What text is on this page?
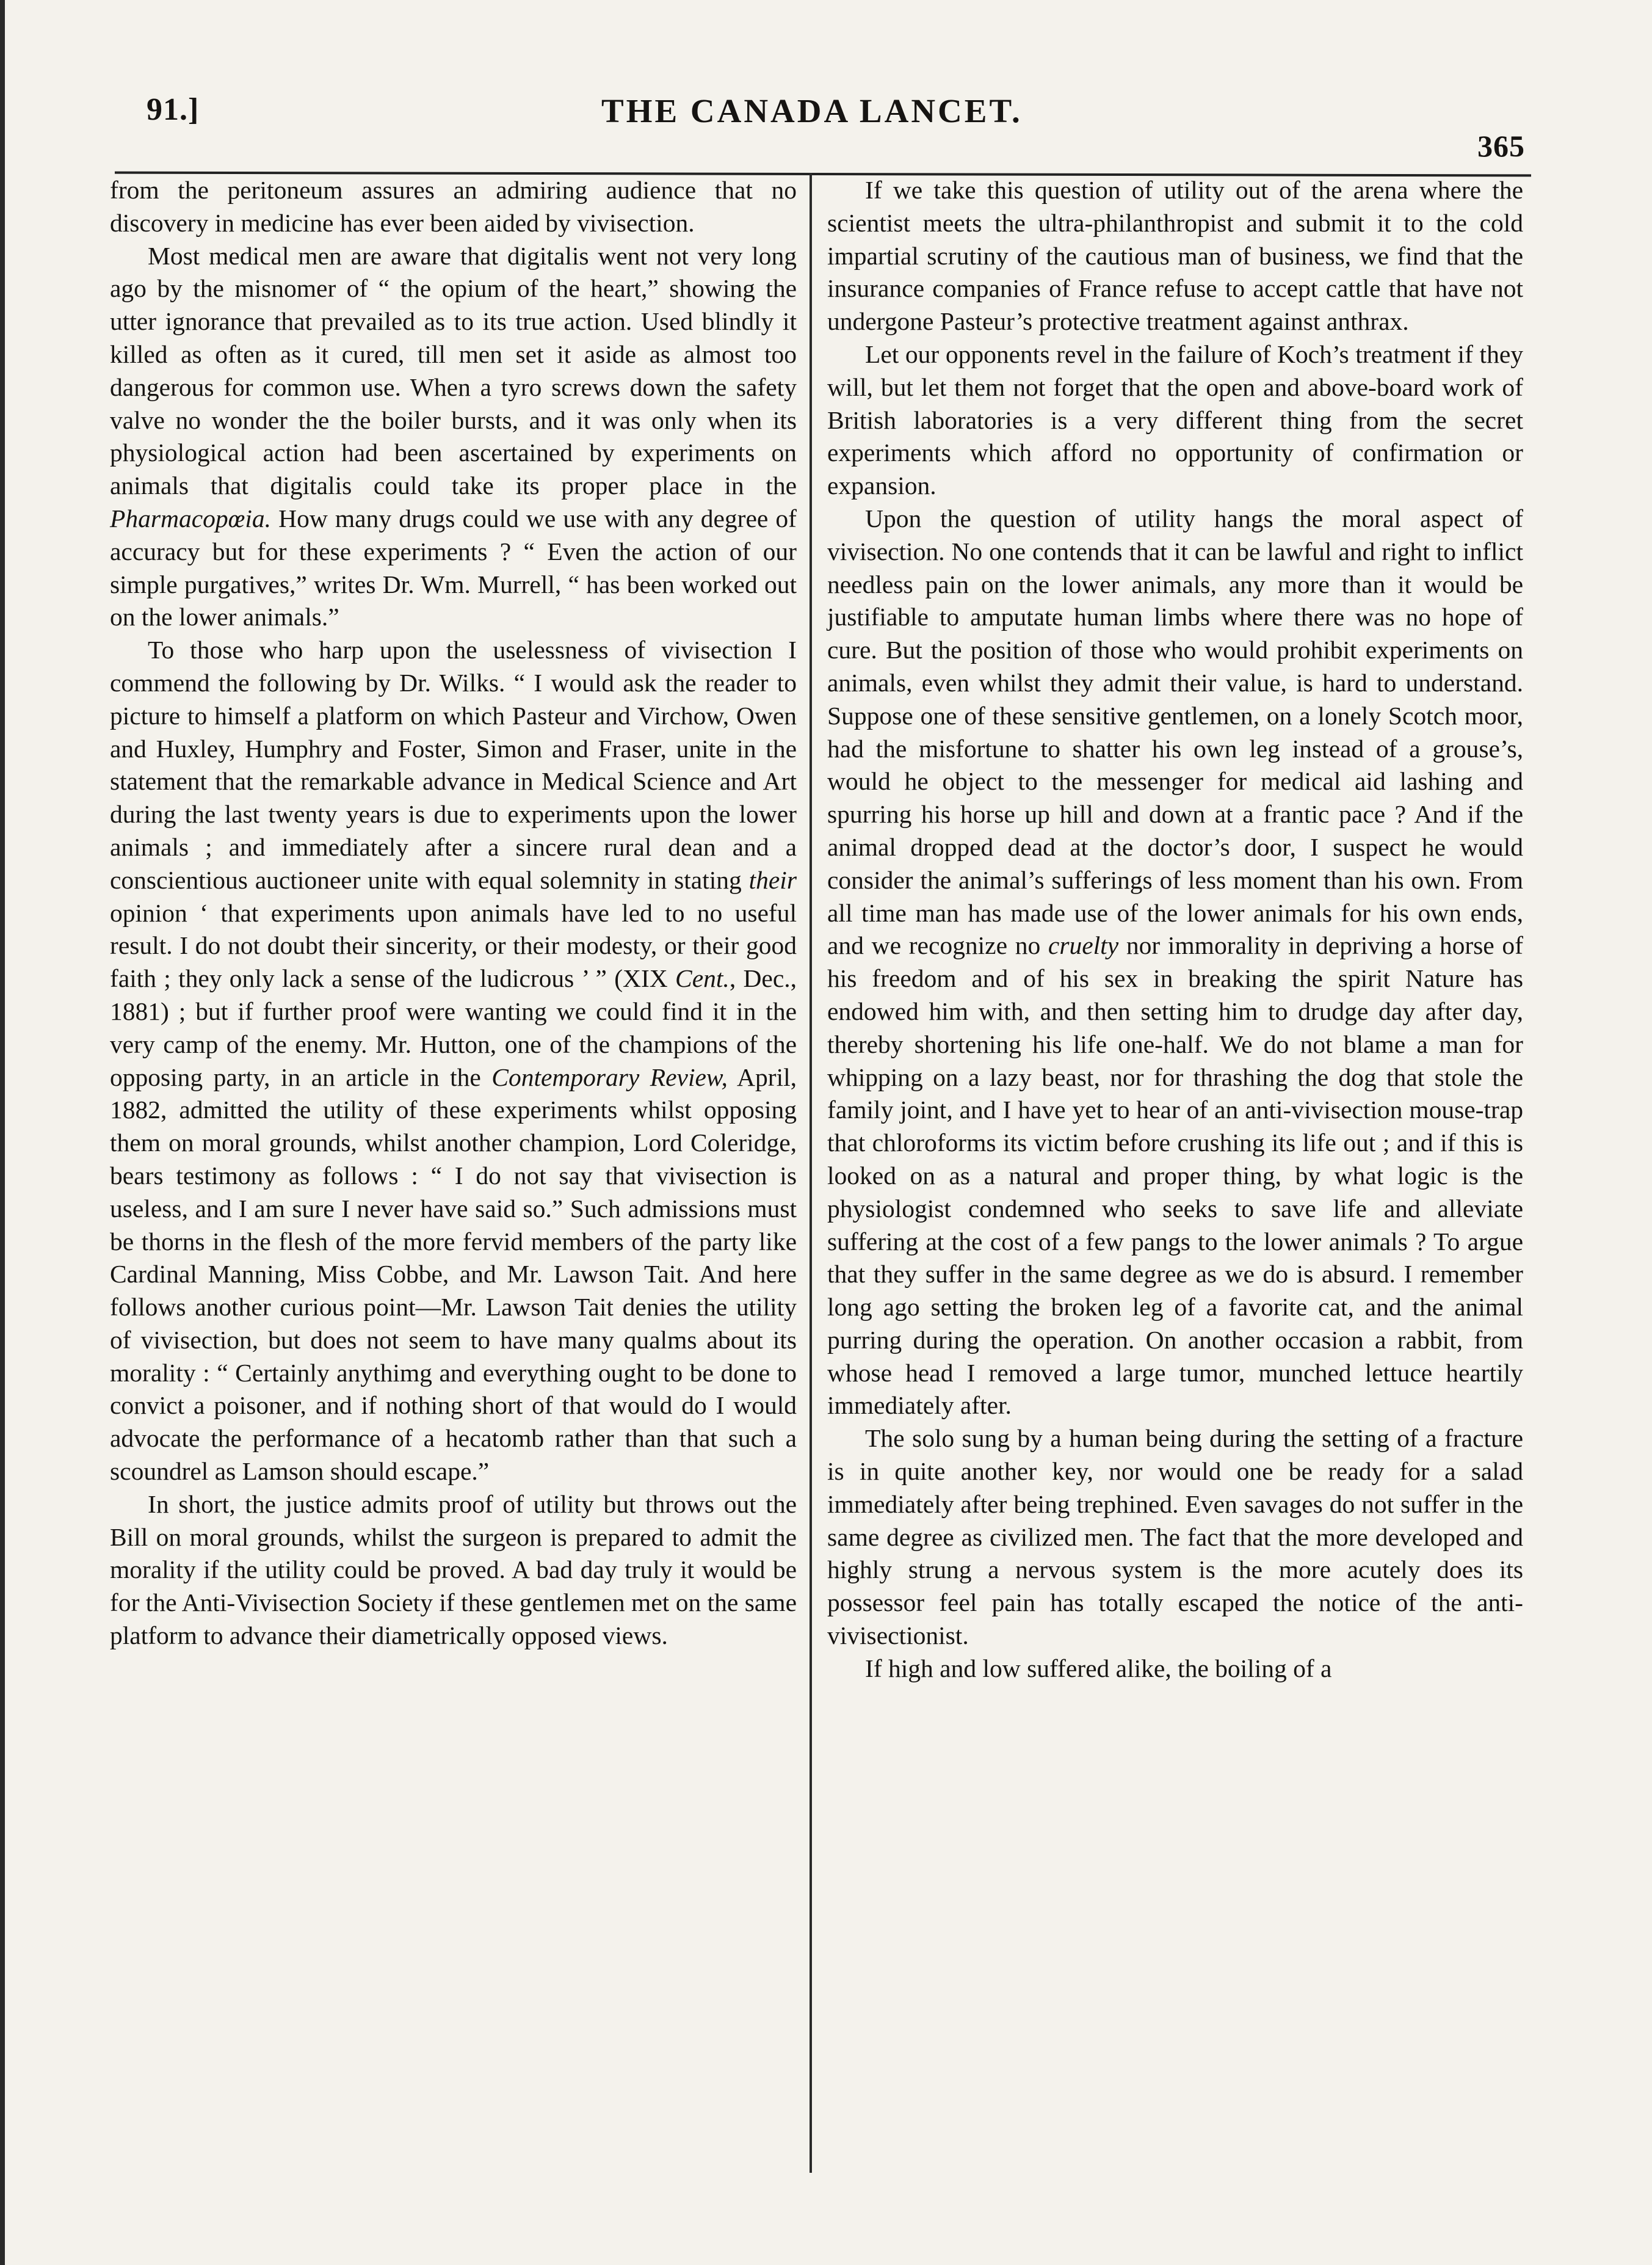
91.]	THE CANADA LANCET.
365

from the peritoneum assures an admiring audience that no discovery in medicine has ever been aided by vivisection.

Most medical men are aware that digitalis went not very long ago by the misnomer of “ the opium of the heart,” showing the utter ignorance that prevailed as to its true action. Used blindly it killed as often as it cured, till men set it aside as almost too dangerous for common use. When a tyro screws down the safety valve no wonder the the boiler bursts, and it was only when its physiological action had been ascertained by experiments on animals that digitalis could take its proper place in the Pharmacopœia. How many drugs could we use with any degree of accuracy but for these experiments ? “ Even the action of our simple purgatives,” writes Dr. Wm. Murrell, “ has been worked out on the lower animals.”

To those who harp upon the uselessness of vivisection I commend the following by Dr. Wilks. “ I would ask the reader to picture to himself a platform on which Pasteur and Virchow, Owen and Huxley, Humphry and Foster, Simon and Fraser, unite in the statement that the remarkable advance in Medical Science and Art during the last twenty years is due to experiments upon the lower animals ; and immediately after a sincere rural dean and a conscientious auctioneer unite with equal solemnity in stating their opinion ‘ that experiments upon animals have led to no useful result. I do not doubt their sincerity, or their modesty, or their good faith ; they only lack a sense of the ludicrous ’ ” (XIX Cent., Dec., 1881) ; but if further proof were wanting we could find it in the very camp of the enemy. Mr. Hutton, one of the champions of the opposing party, in an article in the Contemporary Review, April, 1882, admitted the utility of these experiments whilst opposing them on moral grounds, whilst another champion, Lord Coleridge, bears testimony as follows : “ I do not say that vivisection is useless, and I am sure I never have said so.” Such admissions must be thorns in the flesh of the more fervid members of the party like Cardinal Manning, Miss Cobbe, and Mr. Lawson Tait. And here follows another curious point—Mr. Lawson Tait denies the utility of vivisection, but does not seem to have many qualms about its morality : “ Certainly anythimg and everything ought to be done to convict a poisoner, and if nothing short of that would do I would advocate the performance of a hecatomb rather than that such a scoundrel as Lamson should escape.”

In short, the justice admits proof of utility but throws out the Bill on moral grounds, whilst the surgeon is prepared to admit the morality if the utility could be proved. A bad day truly it would be for the Anti-Vivisection Society if these gentlemen met on the same platform to advance their diametrically opposed views.

If we take this question of utility out of the arena where the scientist meets the ultra-philanthropist and submit it to the cold impartial scrutiny of the cautious man of business, we find that the insurance companies of France refuse to accept cattle that have not undergone Pasteur’s protective treatment against anthrax.

Let our opponents revel in the failure of Koch’s treatment if they will, but let them not forget that the open and above-board work of British laboratories is a very different thing from the secret experiments which afford no opportunity of confirmation or expansion.

Upon the question of utility hangs the moral aspect of vivisection. No one contends that it can be lawful and right to inflict needless pain on the lower animals, any more than it would be justifiable to amputate human limbs where there was no hope of cure. But the position of those who would prohibit experiments on animals, even whilst they admit their value, is hard to understand. Suppose one of these sensitive gentlemen, on a lonely Scotch moor, had the misfortune to shatter his own leg instead of a grouse’s, would he object to the messenger for medical aid lashing and spurring his horse up hill and down at a frantic pace ? And if the animal dropped dead at the doctor’s door, I suspect he would consider the animal’s sufferings of less moment than his own. From all time man has made use of the lower animals for his own ends, and we recognize no cruelty nor immorality in depriving a horse of his freedom and of his sex in breaking the spirit Nature has endowed him with, and then setting him to drudge day after day, thereby shortening his life one-half. We do not blame a man for whipping on a lazy beast, nor for thrashing the dog that stole the family joint, and I have yet to hear of an anti-vivisection mouse-trap that chloroforms its victim before crushing its life out ; and if this is looked on as a natural and proper thing, by what logic is the physiologist condemned who seeks to save life and alleviate suffering at the cost of a few pangs to the lower animals ? To argue that they suffer in the same degree as we do is absurd. I remember long ago setting the broken leg of a favorite cat, and the animal purring during the operation. On another occasion a rabbit, from whose head I removed a large tumor, munched lettuce heartily immediately after.

The solo sung by a human being during the setting of a fracture is in quite another key, nor would one be ready for a salad immediately after being trephined. Even savages do not suffer in the same degree as civilized men. The fact that the more developed and highly strung a nervous system is the more acutely does its possessor feel pain has totally escaped the notice of the anti-vivisectionist.

If high and low suffered alike, the boiling of a
